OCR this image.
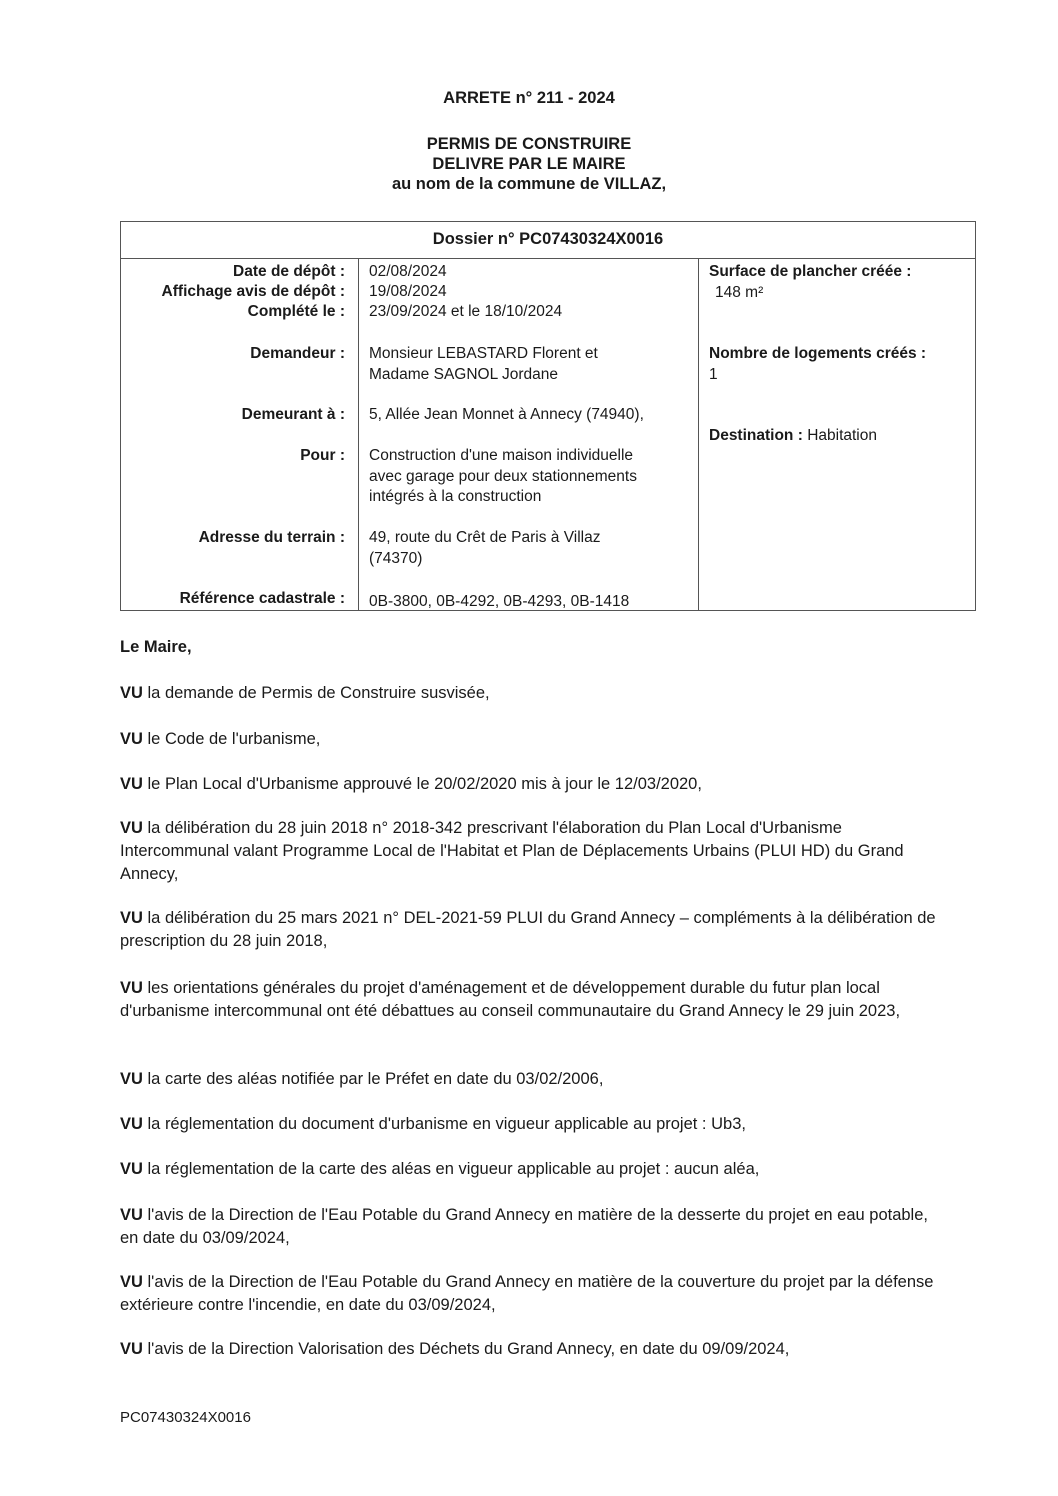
ARRETE n° 211 - 2024
PERMIS DE CONSTRUIRE
DELIVRE PAR LE MAIRE
au nom de la commune de VILLAZ,
Dossier n° PC07430324X0016
Date de dépôt : 02/08/2024
Affichage avis de dépôt : 19/08/2024
Complété le : 23/09/2024 et le 18/10/2024
Demandeur : Monsieur LEBASTARD Florent et
Madame SAGNOL Jordane
Demeurant à : 5, Allée Jean Monnet à Annecy (74940),
Pour : Construction d'une maison individuelle
avec garage pour deux stationnements
intégrés à la construction
Adresse du terrain : 49, route du Crêt de Paris à Villaz
(74370)
Référence cadastrale : 0B-3800, 0B-4292, 0B-4293, 0B-1418
Surface de plancher créée :
148 m²
Nombre de logements créés :
1
Destination : Habitation
Le Maire,
VU la demande de Permis de Construire susvisée,
VU le Code de l'urbanisme,
VU le Plan Local d'Urbanisme approuvé le 20/02/2020 mis à jour le 12/03/2020,
VU la délibération du 28 juin 2018 n° 2018-342 prescrivant l'élaboration du Plan Local d'Urbanisme Intercommunal valant Programme Local de l'Habitat et Plan de Déplacements Urbains (PLUI HD) du Grand Annecy,
VU la délibération du 25 mars 2021 n° DEL-2021-59 PLUI du Grand Annecy – compléments à la délibération de prescription du 28 juin 2018,
VU les orientations générales du projet d'aménagement et de développement durable du futur plan local d'urbanisme intercommunal ont été débattues au conseil communautaire du Grand Annecy le 29 juin 2023,
VU la carte des aléas notifiée par le Préfet en date du 03/02/2006,
VU la réglementation du document d'urbanisme en vigueur applicable au projet : Ub3,
VU la réglementation de la carte des aléas en vigueur applicable au projet : aucun aléa,
VU l'avis de la Direction de l'Eau Potable du Grand Annecy en matière de la desserte du projet en eau potable, en date du 03/09/2024,
VU l'avis de la Direction de l'Eau Potable du Grand Annecy en matière de la couverture du projet par la défense extérieure contre l'incendie, en date du 03/09/2024,
VU l'avis de la Direction Valorisation des Déchets du Grand Annecy, en date du 09/09/2024,
PC07430324X0016
